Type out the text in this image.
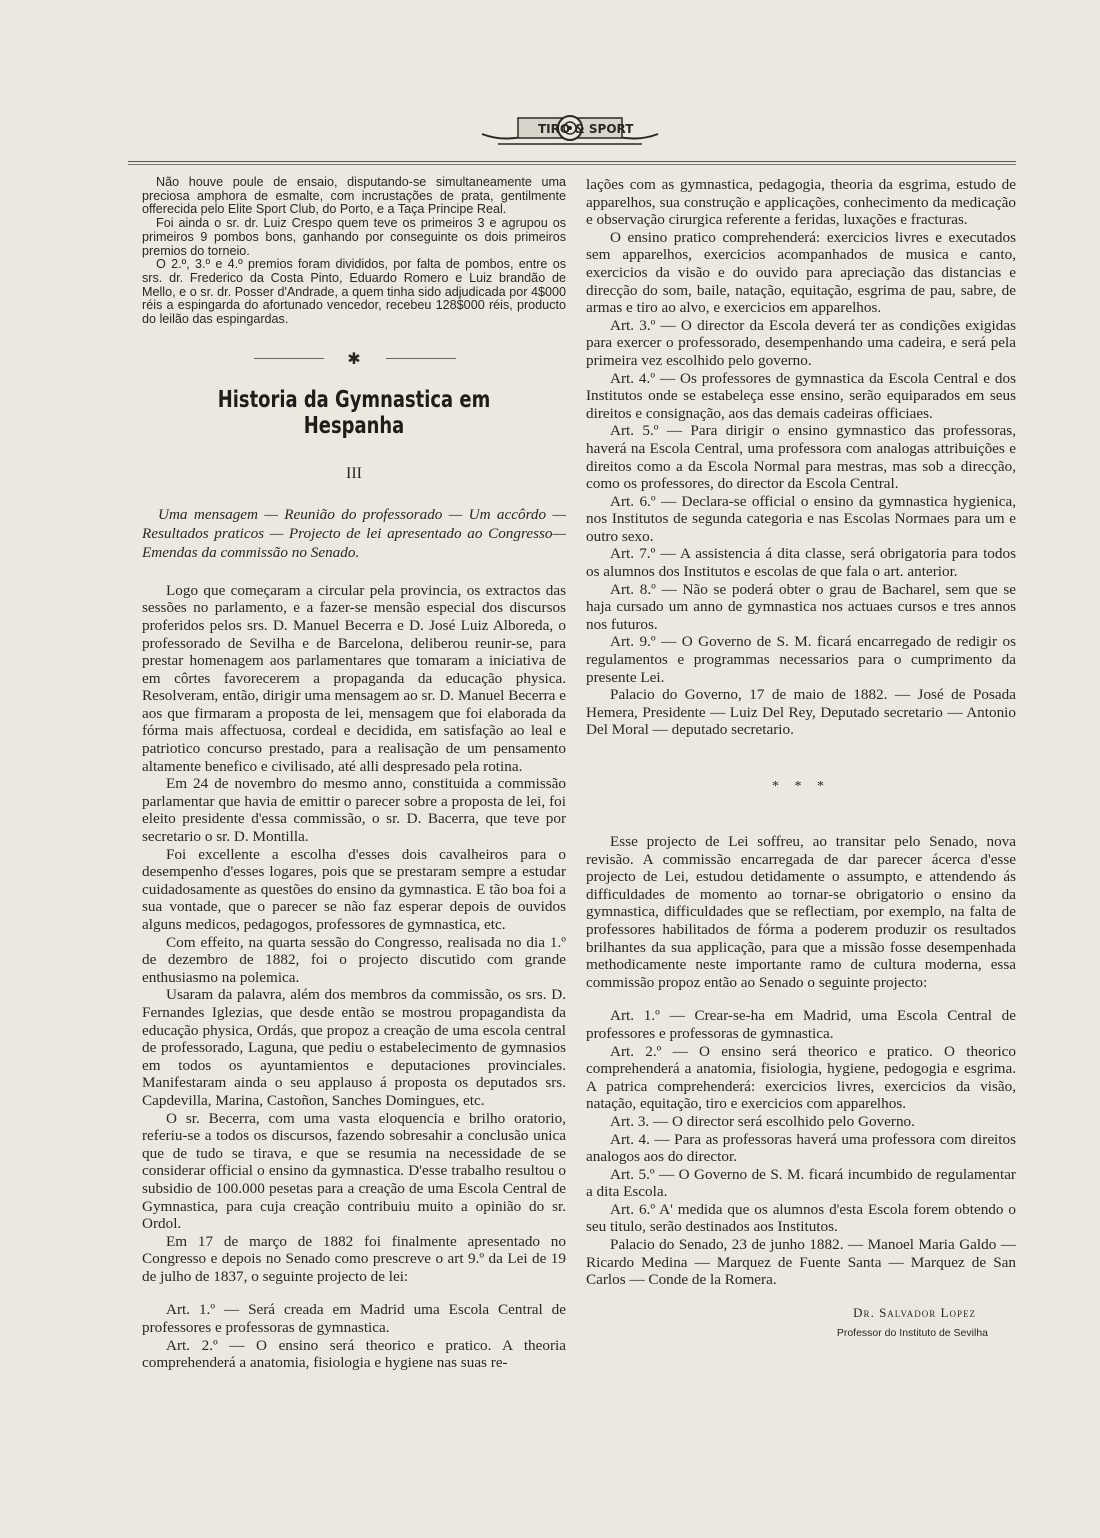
TIRO & SPORT

Não houve poule de ensaio, disputando-se simultaneamente uma preciosa amphora de esmalte, com incrustações de prata, gentilmente offerecida pelo Elite Sport Club, do Porto, e a Taça Principe Real.

Foi ainda o sr. dr. Luiz Crespo quem teve os primeiros 3 e agrupou os primeiros 9 pombos bons, ganhando por conseguinte os dois primeiros premios do torneio.

O 2.º, 3.º e 4.º premios foram divididos, por falta de pombos, entre os srs. dr. Frederico da Costa Pinto, Eduardo Romero e Luiz brandão de Mello, e o sr. dr. Posser d'Andrade, a quem tinha sido adjudicada por 4$000 réis a espingarda do afortunado vencedor, recebeu 128$000 réis, producto do leilão das espingardas.

✱
Historia da Gymnastica em Hespanha
III

Uma mensagem — Reunião do professorado — Um accôrdo — Resultados praticos — Projecto de lei apresentado ao Congresso—Emendas da commissão no Senado.

Logo que começaram a circular pela provincia, os extractos das sessões no parlamento, e a fazer-se mensão especial dos discursos proferidos pelos srs. D. Manuel Becerra e D. José Luiz Alboreda, o professorado de Sevilha e de Barcelona, deliberou reunir-se, para prestar homenagem aos parlamentares que tomaram a iniciativa de em côrtes favorecerem a propaganda da educação physica. Resolveram, então, dirigir uma mensagem ao sr. D. Manuel Becerra e aos que firmaram a proposta de lei, mensagem que foi elaborada da fórma mais affectuosa, cordeal e decidida, em satisfação ao leal e patriotico concurso prestado, para a realisação de um pensamento altamente benefico e civilisado, até alli despresado pela rotina.

Em 24 de novembro do mesmo anno, constituida a commissão parlamentar que havia de emittir o parecer sobre a proposta de lei, foi eleito presidente d'essa commissão, o sr. D. Bacerra, que teve por secretario o sr. D. Montilla.

Foi excellente a escolha d'esses dois cavalheiros para o desempenho d'esses logares, pois que se prestaram sempre a estudar cuidadosamente as questões do ensino da gymnastica. E tão boa foi a sua vontade, que o parecer se não faz esperar depois de ouvidos alguns medicos, pedagogos, professores de gymnastica, etc.

Com effeito, na quarta sessão do Congresso, realisada no dia 1.º de dezembro de 1882, foi o projecto discutido com grande enthusiasmo na polemica.

Usaram da palavra, além dos membros da commissão, os srs. D. Fernandes Iglezias, que desde então se mostrou propagandista da educação physica, Ordás, que propoz a creação de uma escola central de professorado, Laguna, que pediu o estabelecimento de gymnasios em todos os ayuntamientos e deputaciones provinciales. Manifestaram ainda o seu applauso á proposta os deputados srs. Capdevilla, Marina, Castoñon, Sanches Domingues, etc.

O sr. Becerra, com uma vasta eloquencia e brilho oratorio, referiu-se a todos os discursos, fazendo sobresahir a conclusão unica que de tudo se tirava, e que se resumia na necessidade de se considerar official o ensino da gymnastica. D'esse trabalho resultou o subsidio de 100.000 pesetas para a creação de uma Escola Central de Gymnastica, para cuja creação contribuiu muito a opinião do sr. Ordol.

Em 17 de março de 1882 foi finalmente apresentado no Congresso e depois no Senado como prescreve o art 9.º da Lei de 19 de julho de 1837, o seguinte projecto de lei:

Art. 1.º — Será creada em Madrid uma Escola Central de professores e professoras de gymnastica.

Art. 2.º — O ensino será theorico e pratico. A theoria comprehenderá a anatomia, fisiologia e hygiene nas suas re-

lações com as gymnastica, pedagogia, theoria da esgrima, estudo de apparelhos, sua construção e applicações, conhecimento da medicação e observação cirurgica referente a feridas, luxações e fracturas.

O ensino pratico comprehenderá: exercicios livres e executados sem apparelhos, exercicios acompanhados de musica e canto, exercicios da visão e do ouvido para apreciação das distancias e direcção do som, baile, natação, equitação, esgrima de pau, sabre, de armas e tiro ao alvo, e exercicios em apparelhos.

Art. 3.º — O director da Escola deverá ter as condições exigidas para exercer o professorado, desempenhando uma cadeira, e será pela primeira vez escolhido pelo governo.

Art. 4.º — Os professores de gymnastica da Escola Central e dos Institutos onde se estabeleça esse ensino, serão equiparados em seus direitos e consignação, aos das demais cadeiras officiaes.

Art. 5.º — Para dirigir o ensino gymnastico das professoras, haverá na Escola Central, uma professora com analogas attribuições e direitos como a da Escola Normal para mestras, mas sob a direcção, como os professores, do director da Escola Central.

Art. 6.º — Declara-se official o ensino da gymnastica hygienica, nos Institutos de segunda categoria e nas Escolas Normaes para um e outro sexo.

Art. 7.º — A assistencia á dita classe, será obrigatoria para todos os alumnos dos Institutos e escolas de que fala o art. anterior.

Art. 8.º — Não se poderá obter o grau de Bacharel, sem que se haja cursado um anno de gymnastica nos actuaes cursos e tres annos nos futuros.

Art. 9.º — O Governo de S. M. ficará encarregado de redigir os regulamentos e programmas necessarios para o cumprimento da presente Lei.

Palacio do Governo, 17 de maio de 1882. — José de Posada Hemera, Presidente — Luiz Del Rey, Deputado secretario — Antonio Del Moral — deputado secretario.

* * *

Esse projecto de Lei soffreu, ao transitar pelo Senado, nova revisão. A commissão encarregada de dar parecer ácerca d'esse projecto de Lei, estudou detidamente o assumpto, e attendendo ás difficuldades de momento ao tornar-se obrigatorio o ensino da gymnastica, difficuldades que se reflectiam, por exemplo, na falta de professores habilitados de fórma a poderem produzir os resultados brilhantes da sua applicação, para que a missão fosse desempenhada methodicamente neste importante ramo de cultura moderna, essa commissão propoz então ao Senado o seguinte projecto:

Art. 1.º — Crear-se-ha em Madrid, uma Escola Central de professores e professoras de gymnastica.

Art. 2.º — O ensino será theorico e pratico. O theorico comprehenderá a anatomia, fisiologia, hygiene, pedogogia e esgrima. A patrica comprehenderá: exercicios livres, exercicios da visão, natação, equitação, tiro e exercicios com apparelhos.

Art. 3. — O director será escolhido pelo Governo.

Art. 4. — Para as professoras haverá uma professora com direitos analogos aos do director.

Art. 5.º — O Governo de S. M. ficará incumbido de regulamentar a dita Escola.

Art. 6.º A' medida que os alumnos d'esta Escola forem obtendo o seu titulo, serão destinados aos Institutos.

Palacio do Senado, 23 de junho 1882. — Manoel Maria Galdo — Ricardo Medina — Marquez de Fuente Santa — Marquez de San Carlos — Conde de la Romera.

Dr. Salvador Lopez
Professor do Instituto de Sevilha
